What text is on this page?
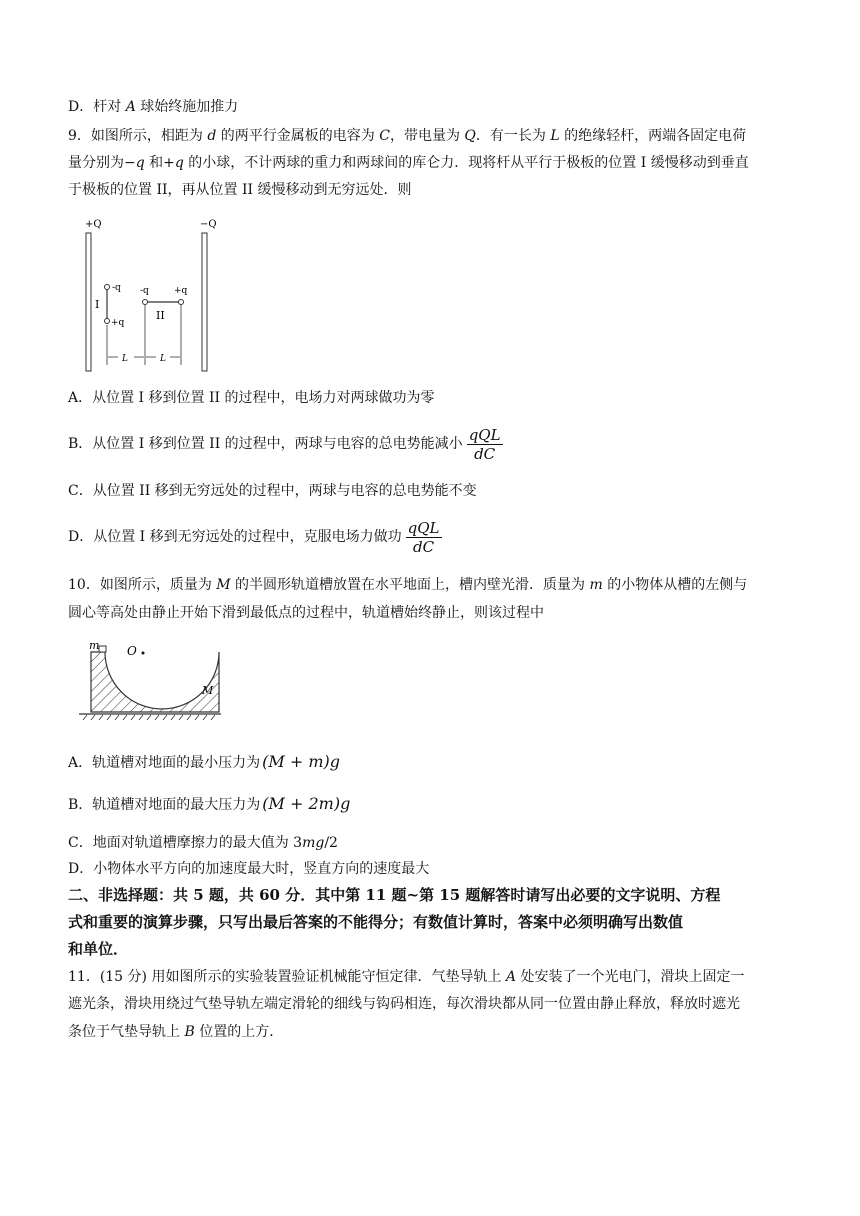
D．杆对 A 球始终施加推力
9．如图所示，相距为 d 的两平行金属板的电容为 C，带电量为 Q．有一长为 L 的绝缘轻杆，两端各固定电荷
量分别为−q 和+q 的小球，不计两球的重力和两球间的库仑力．现将杆从平行于极板的位置 I 缓慢移动到垂直
于极板的位置 II，再从位置 II 缓慢移动到无穷远处．则
+Q	−Q
-q
+q
I
-q	+q
II
L	L
A．从位置 I 移到位置 II 的过程中，电场力对两球做功为零
B．从位置 I 移到位置 II 的过程中，两球与电容的总电势能减小 $\frac{\text{qQL}}{dC}$
C．从位置 II 移到无穷远处的过程中，两球与电容的总电势能不变
D．从位置 I 移到无穷远处的过程中，克服电场力做功 $\frac{\text{qQL}}{dC}$
10．如图所示，质量为 M 的半圆形轨道槽放置在水平地面上，槽内壁光滑．质量为 m 的小物体从槽的左侧与
圆心等高处由静止开始下滑到最低点的过程中，轨道槽始终静止，则该过程中
m O
M
A．轨道槽对地面的最小压力为 (M + m)g
B．轨道槽对地面的最大压力为 (M + 2m)g
C．地面对轨道槽摩擦力的最大值为 3mg/2
D．小物体水平方向的加速度最大时，竖直方向的速度最大
二、非选择题：共 5 题，共 60 分．其中第 11 题~第 15 题解答时请写出必要的文字说明、方程
式和重要的演算步骤，只写出最后答案的不能得分；有数值计算时，答案中必须明确写出数值
和单位．
11．(15 分) 用如图所示的实验装置验证机械能守恒定律．气垫导轨上 A 处安装了一个光电门，滑块上固定一
遮光条，滑块用绕过气垫导轨左端定滑轮的细线与钩码相连，每次滑块都从同一位置由静止释放，释放时遮光
条位于气垫导轨上 B 位置的上方．
